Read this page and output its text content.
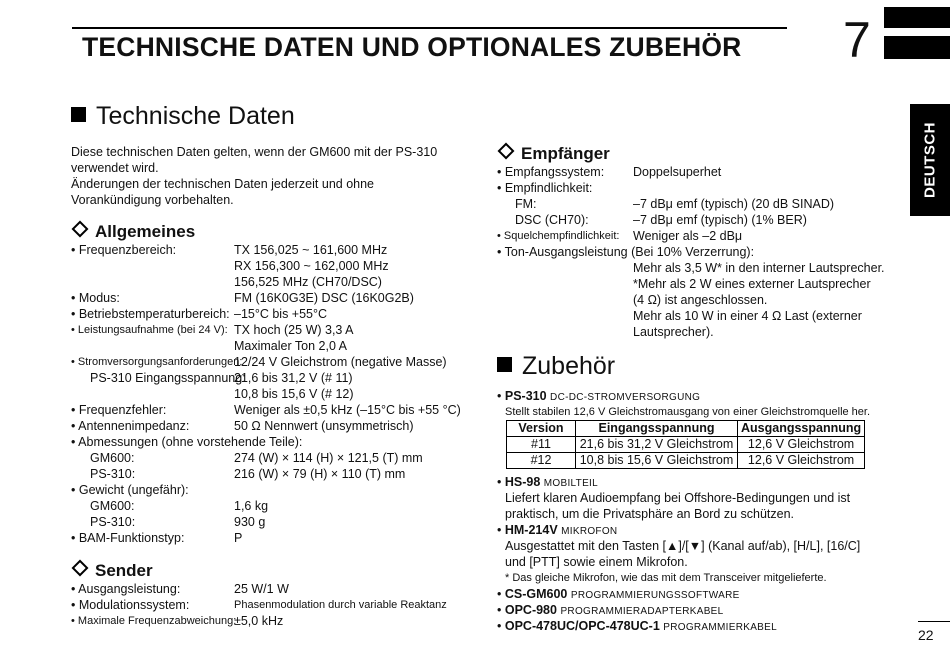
TECHNISCHE DATEN UND OPTIONALES ZUBEHÖR 7
DEUTSCH
Technische Daten
Diese technischen Daten gelten, wenn der GM600 mit der PS-310
verwendet wird.
Änderungen der technischen Daten jederzeit und ohne
Vorankündigung vorbehalten.
Allgemeines
• Frequenzbereich:	TX 156,025 ~ 161,600 MHz
RX 156,300 ~ 162,000 MHz
156,525 MHz (CH70/DSC)
• Modus:	FM (16K0G3E) DSC (16K0G2B)
• Betriebstemperaturbereich: –15°C bis +55°C
• Leistungsaufnahme (bei 24 V): TX hoch (25 W) 3,3 A
Maximaler Ton 2,0 A
• Stromversorgungsanforderungen:
12/24 V Gleichstrom (negative Masse)
PS-310 Eingangsspannung:
21,6 bis 31,2 V (# 11)
10,8 bis 15,6 V (# 12)
• Frequenzfehler:	Weniger als ±0,5 kHz (–15°C bis +55 °C)
• Antennenimpedanz:	50 Ω Nennwert (unsymmetrisch)
• Abmessungen (ohne vorstehende Teile):
GM600:	274 (W) × 114 (H) × 121,5 (T) mm
PS-310:	216 (W) × 79 (H) × 110 (T) mm
• Gewicht (ungefähr):
GM600:	1,6 kg
PS-310:	930 g
• BAM-Funktionstyp:	P
Sender
• Ausgangsleistung:	25 W/1 W
• Modulationssystem:	Phasenmodulation durch variable Reaktanz
• Maximale Frequenzabweichung:
±5,0 kHz
Empfänger
• Empfangssystem: Doppelsuperhet
• Empfindlichkeit:
FM:	–7 dBμ emf (typisch) (20 dB SINAD)
DSC (CH70):	–7 dBμ emf (typisch) (1% BER)
• Squelchempfindlichkeit: Weniger als –2 dBμ
• Ton-Ausgangsleistung (Bei 10% Verzerrung):
Mehr als 3,5 W* in den interner Lautsprecher.
*Mehr als 2 W eines externer Lautsprecher
(4 Ω) ist angeschlossen.
Mehr als 10 W in einer 4 Ω Last (externer
Lautsprecher).
Zubehör
• PS-310 DC-DC-STROMVERSORGUNG
Stellt stabilen 12,6 V Gleichstromausgang von einer Gleichstromquelle her.
Version	Eingangsspannung	Ausgangsspannung
#11	21,6 bis 31,2 V Gleichstrom	12,6 V Gleichstrom
#12	10,8 bis 15,6 V Gleichstrom	12,6 V Gleichstrom
• HS-98 MOBILTEIL
Liefert klaren Audioempfang bei Offshore-Bedingungen und ist
praktisch, um die Privatsphäre an Bord zu schützen.
• HM-214V MIKROFON
Ausgestattet mit den Tasten [▲]/[▼] (Kanal auf/ab), [H/L], [16/C]
und [PTT] sowie einem Mikrofon.
* Das gleiche Mikrofon, wie das mit dem Transceiver mitgelieferte.
• CS-GM600 PROGRAMMIERUNGSSOFTWARE
• OPC-980 PROGRAMMIERADAPTERKABEL
• OPC-478UC/OPC-478UC-1 PROGRAMMIERKABEL	22
